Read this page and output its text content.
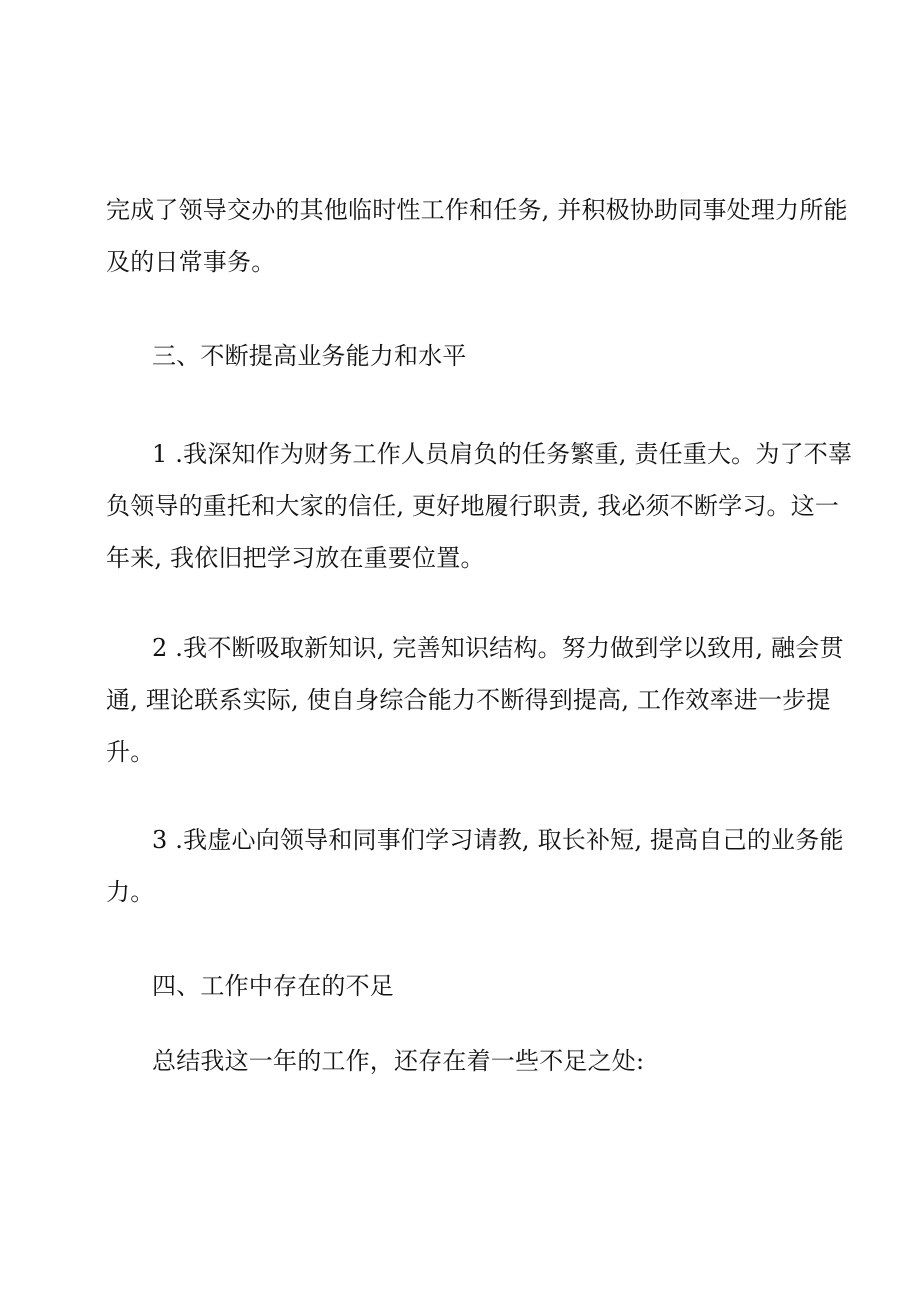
完成了领导交办的其他临时性工作和任务, 并积极协助同事处理力所能
及的日常事务。

三、不断提高业务能力和水平

1 .我深知作为财务工作人员肩负的任务繁重, 责任重大。为了不辜
负领导的重托和大家的信任, 更好地履行职责, 我必须不断学习。这一
年来, 我依旧把学习放在重要位置。

2 .我不断吸取新知识, 完善知识结构。努力做到学以致用, 融会贯
通, 理论联系实际, 使自身综合能力不断得到提高, 工作效率进一步提
升。

3 .我虚心向领导和同事们学习请教, 取长补短, 提高自己的业务能
力。

四、工作中存在的不足

总结我这一年的工作，还存在着一些不足之处:
